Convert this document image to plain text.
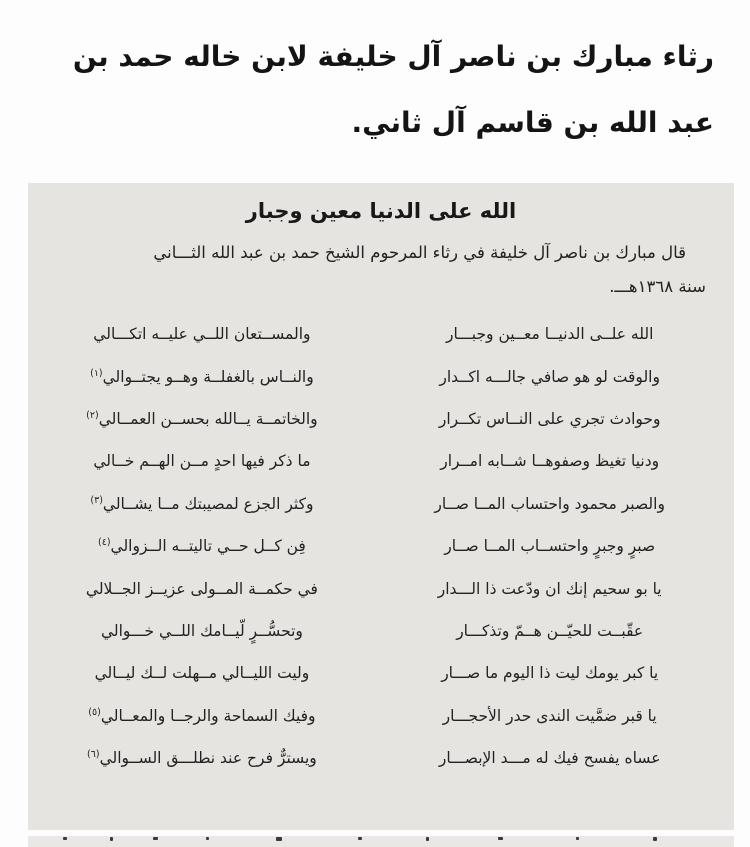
رثاء مبارك بن ناصر آل خليفة لابن خاله حمد بن
عبد الله بن قاسم آل ثاني.
الله على الدنيا معين وجبار
قال مبارك بن ناصر آل خليفة في رثاء المرحوم الشيخ حمد بن عبد الله الثـــاني
سنة ١٣٦٨هـــ.
الله علــى الدنيــا معــين وجبـــار
والمســتعان اللــي عليــه اتكـــالي
والوقت لو هو صافي جالـــه اكــدار
والنــاس بالغفلــة وهــو يجتــوالي$^{(١)}$
وحوادث تجري على النــاس تكــرار
والخاتمــة يــالله بحســن العمــالي$^{(٢)}$
ودنيا تغيظ وصفوهــا شــابه امــرار
ما ذكر فيها احدٍ مــن الهــم خــالي
والصبر محمود واحتساب المــا صــار
وكثر الجزع لمصيبتك مــا يشــالي$^{(٣)}$
صبرٍ وجبرٍ واحتســاب المــا صــار
فِن كــل حــي تاليتــه الــزوالي$^{(٤)}$
يا بو سحيم إنك ان ودّعت ذا الـــدار
في حكمــة المــولى عزيــز الجــلالي
عقّبــت للحيّــن هــمّ وتذكـــار
وتحسُّــرٍ لّيــامك اللــي خـــوالي
يا كبر يومك ليت ذا اليوم ما صـــار
وليت الليــالي مــهلت لــك ليــالي
يا قبر ضمَّيت الندى حدر الأحجـــار
وفيك السماحة والرجــا والمعــالي$^{(٥)}$
عساه يفسح فيك له مـــد الإبصـــار
ويسترٌّ فرح عند نطلـــق الســوالي$^{(٦)}$
